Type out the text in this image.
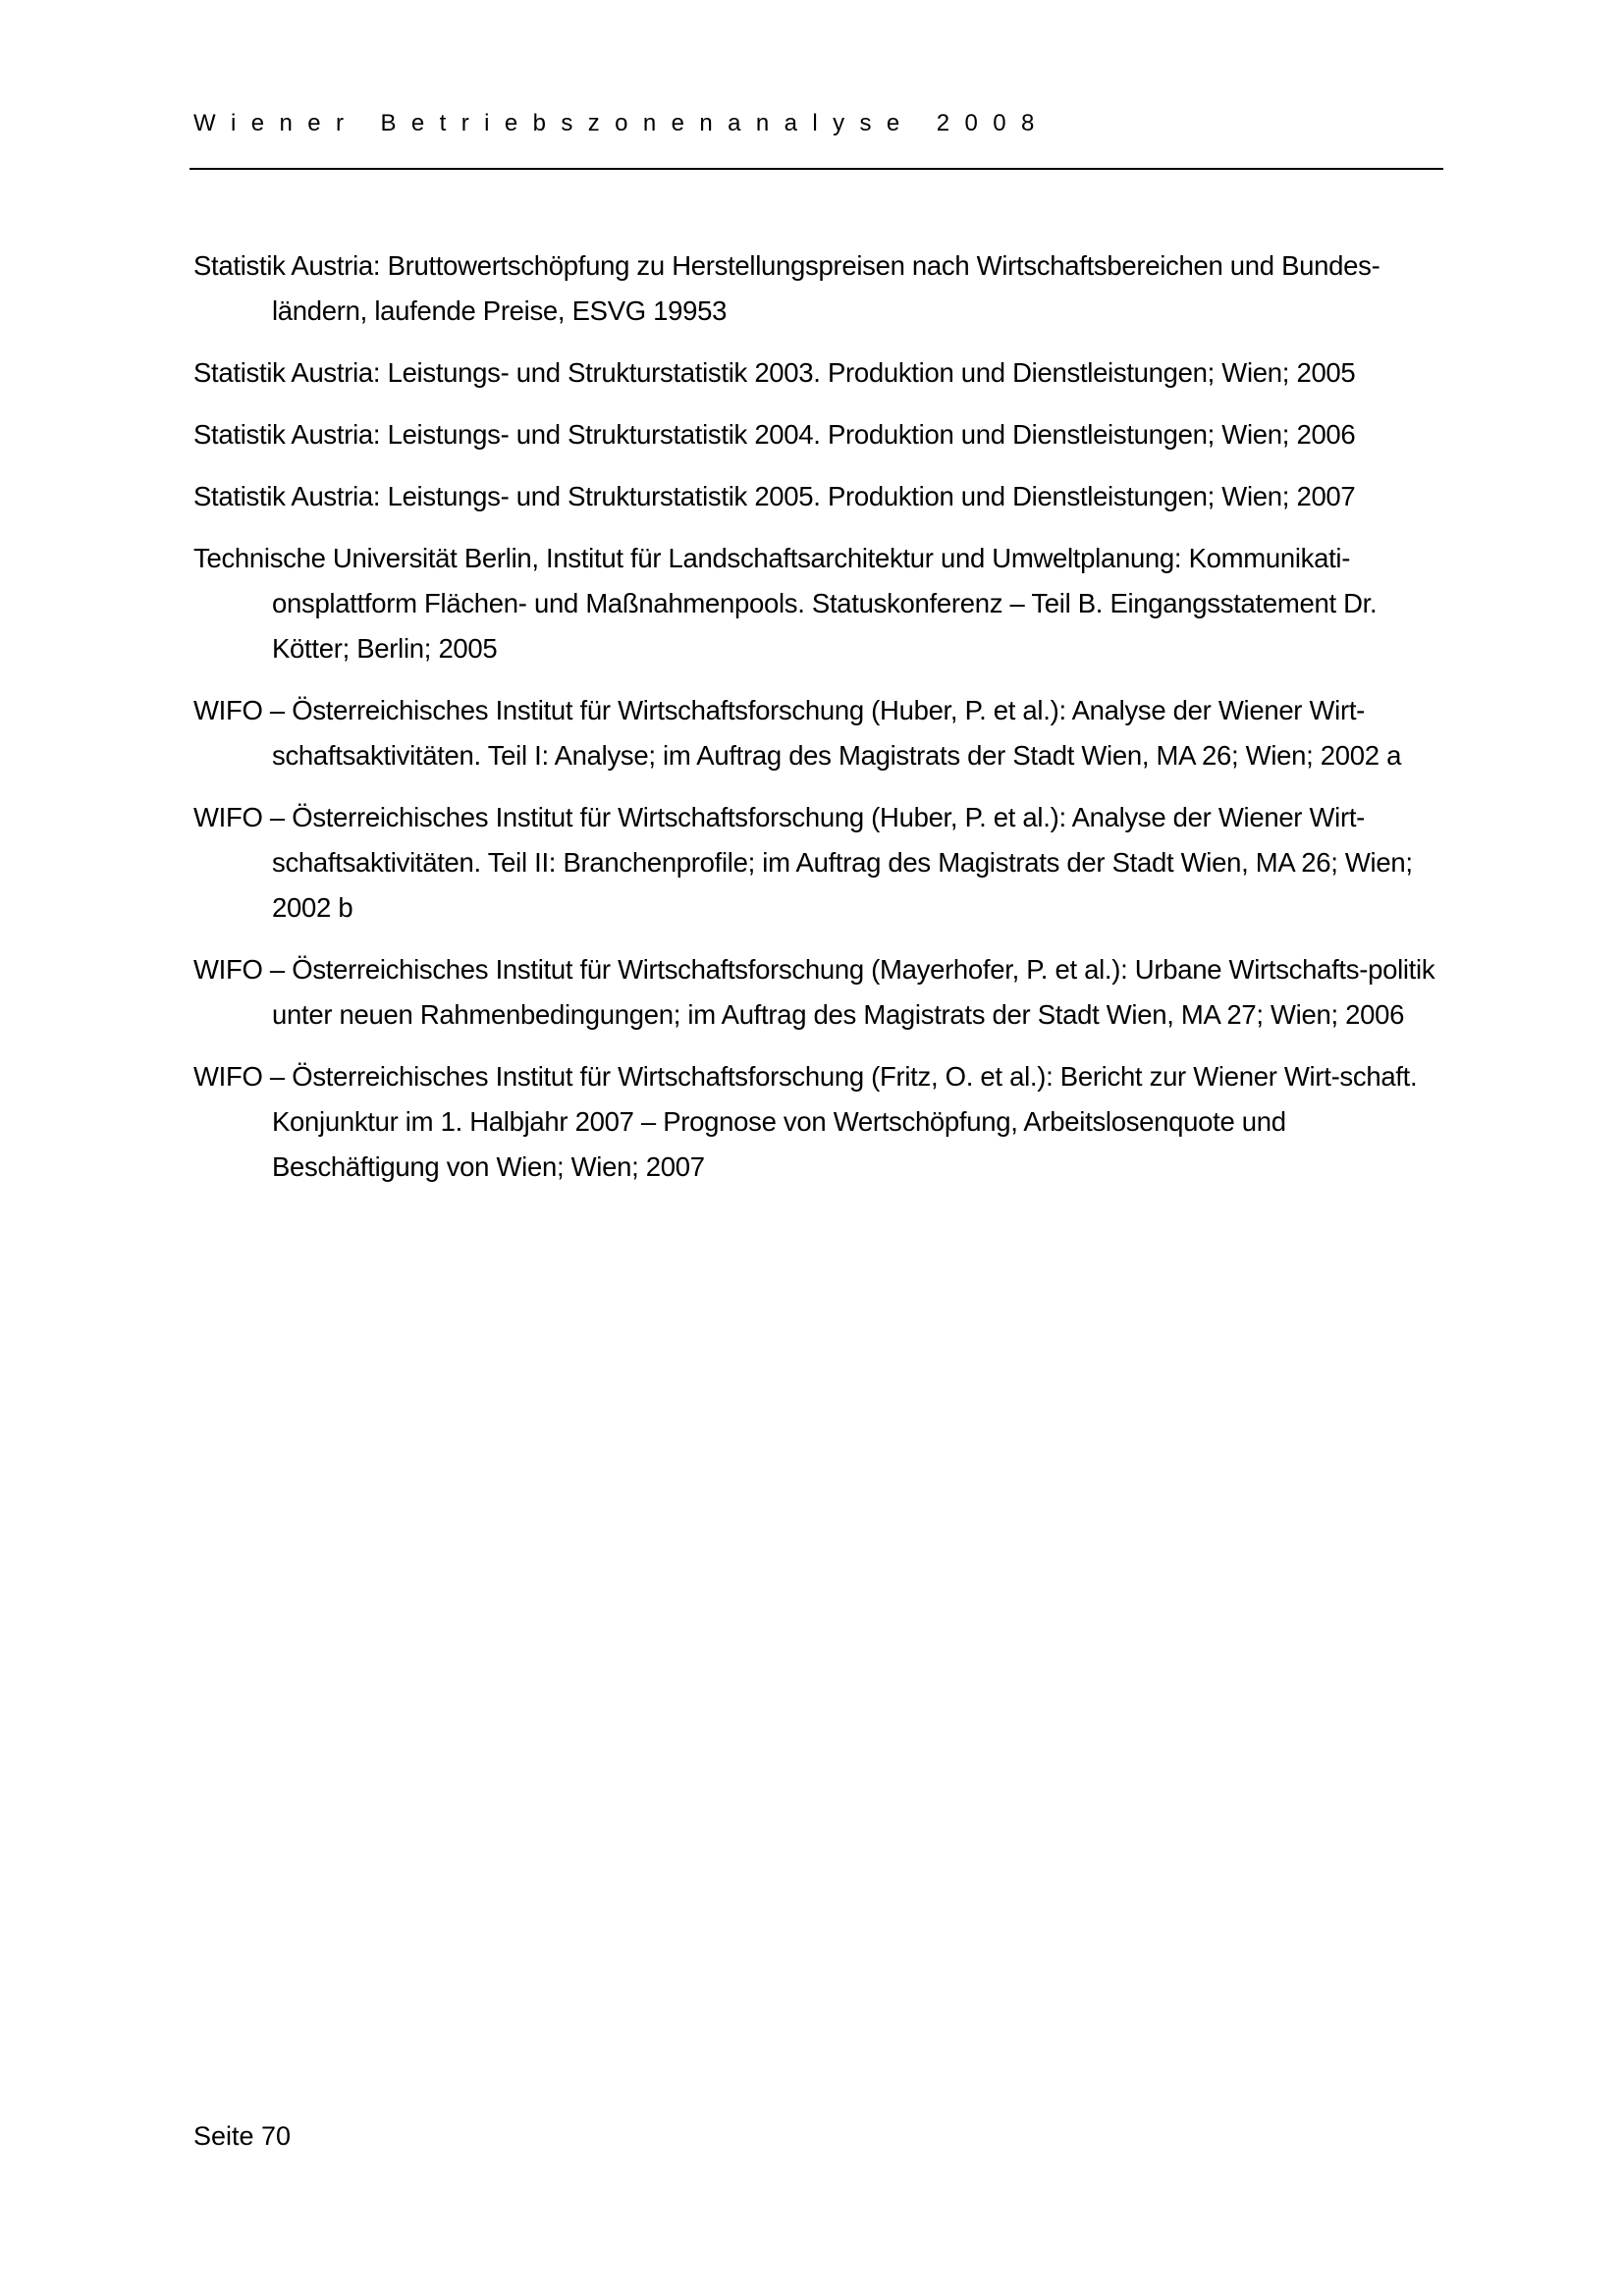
Wiener Betriebszonenanalyse 2008
Statistik Austria: Bruttowertschöpfung zu Herstellungspreisen nach Wirtschaftsbereichen und Bundes-ländern, laufende Preise, ESVG 19953
Statistik Austria: Leistungs- und Strukturstatistik 2003. Produktion und Dienstleistungen; Wien; 2005
Statistik Austria: Leistungs- und Strukturstatistik 2004. Produktion und Dienstleistungen; Wien; 2006
Statistik Austria: Leistungs- und Strukturstatistik 2005. Produktion und Dienstleistungen; Wien; 2007
Technische Universität Berlin, Institut für Landschaftsarchitektur und Umweltplanung: Kommunikati-onsplattform Flächen- und Maßnahmenpools. Statuskonferenz – Teil B. Eingangsstatement Dr. Kötter; Berlin; 2005
WIFO – Österreichisches Institut für Wirtschaftsforschung (Huber, P. et al.): Analyse der Wiener Wirt-schaftsaktivitäten. Teil I: Analyse; im Auftrag des Magistrats der Stadt Wien, MA 26; Wien; 2002 a
WIFO – Österreichisches Institut für Wirtschaftsforschung (Huber, P. et al.): Analyse der Wiener Wirt-schaftsaktivitäten. Teil II: Branchenprofile; im Auftrag des Magistrats der Stadt Wien, MA 26; Wien; 2002 b
WIFO – Österreichisches Institut für Wirtschaftsforschung (Mayerhofer, P. et al.): Urbane Wirtschafts-politik unter neuen Rahmenbedingungen; im Auftrag des Magistrats der Stadt Wien, MA 27; Wien; 2006
WIFO – Österreichisches Institut für Wirtschaftsforschung (Fritz, O. et al.): Bericht zur Wiener Wirt-schaft. Konjunktur im 1. Halbjahr 2007 – Prognose von Wertschöpfung, Arbeitslosenquote und Beschäftigung von Wien; Wien; 2007
Seite 70
